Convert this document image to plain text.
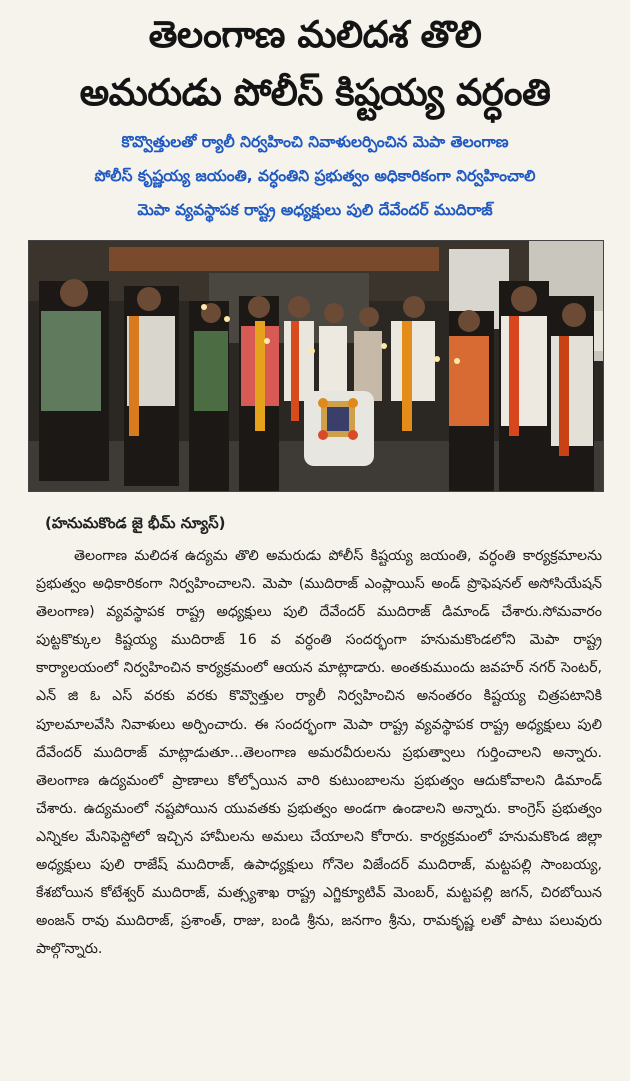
తెలంగాణ మలిదశ తొలి
అమరుడు పోలీస్ కిష్టయ్య వర్ధంతి
కొవ్వొత్తులతో ర్యాలీ నిర్వహించి నివాళులర్పించిన మెపా తెలంగాణ
పోలీస్ కృష్ణయ్య జయంతి, వర్ధంతిని ప్రభుత్వం అధికారికంగా నిర్వహించాలి
మెపా వ్యవస్థాపక రాష్ట్ర అధ్యక్షులు పులి దేవేందర్ ముదిరాజ్
(హనుమకొండ జై భీమ్ న్యూస్)

తెలంగాణ మలిదశ ఉద్యమ తొలి అమరుడు పోలీస్ కిష్టయ్య జయంతి, వర్ధంతి కార్యక్రమాలను ప్రభుత్వం అధికారికంగా నిర్వహించాలని. మెపా (ముదిరాజ్ ఎంప్లాయిస్ అండ్ ప్రొఫెషనల్ అసోసియేషన్ తెలంగాణ) వ్యవస్థాపక రాష్ట్ర అధ్యక్షులు పులి దేవేందర్ ముదిరాజ్ డిమాండ్ చేశారు.సోమవారం పుట్టకొక్కుల కిష్టయ్య ముదిరాజ్ 16 వ వర్ధంతి సందర్భంగా హనుమకొండలోని మెపా రాష్ట్ర కార్యాలయంలో నిర్వహించిన కార్యక్రమంలో ఆయన మాట్లాడారు. అంతకుముందు జవహర్ నగర్ సెంటర్, ఎన్ జి ఓ ఎస్ వరకు వరకు కొవ్వొత్తుల ర్యాలీ నిర్వహించిన అనంతరం కిష్టయ్య చిత్రపటానికి పూలమాలవేసి నివాళులు అర్పించారు. ఈ సందర్భంగా మెపా రాష్ట్ర వ్యవస్థాపక రాష్ట్ర అధ్యక్షులు పులి దేవేందర్ ముదిరాజ్ మాట్లాడుతూ...తెలంగాణ అమరవీరులను ప్రభుత్వాలు గుర్తించాలని అన్నారు. తెలంగాణ ఉద్యమంలో ప్రాణాలు కోల్పోయిన వారి కుటుంబాలను ప్రభుత్వం ఆదుకోవాలని డిమాండ్ చేశారు. ఉద్యమంలో నష్టపోయిన యువతకు ప్రభుత్వం అండగా ఉండాలని అన్నారు. కాంగ్రెస్ ప్రభుత్వం ఎన్నికల మేనిఫెస్టోలో ఇచ్చిన హామీలను అమలు చేయాలని కోరారు. కార్యక్రమంలో హనుమకొండ జిల్లా అధ్యక్షులు పులి రాజేష్ ముదిరాజ్, ఉపాధ్యక్షులు గోనెల విజేందర్ ముదిరాజ్, మట్టపల్లి సాంబయ్య, కేశబోయిన కోటేశ్వర్ ముదిరాజ్, మత్స్యశాఖ రాష్ట్ర ఎగ్జిక్యూటివ్ మెంబర్, మట్టపల్లి జగన్, చిరబోయిన అంజన్ రావు ముదిరాజ్, ప్రశాంత్, రాజు, బండి శ్రీను, జనగాం శ్రీను, రామకృష్ణ లతో పాటు పలువురు పాల్గొన్నారు.
